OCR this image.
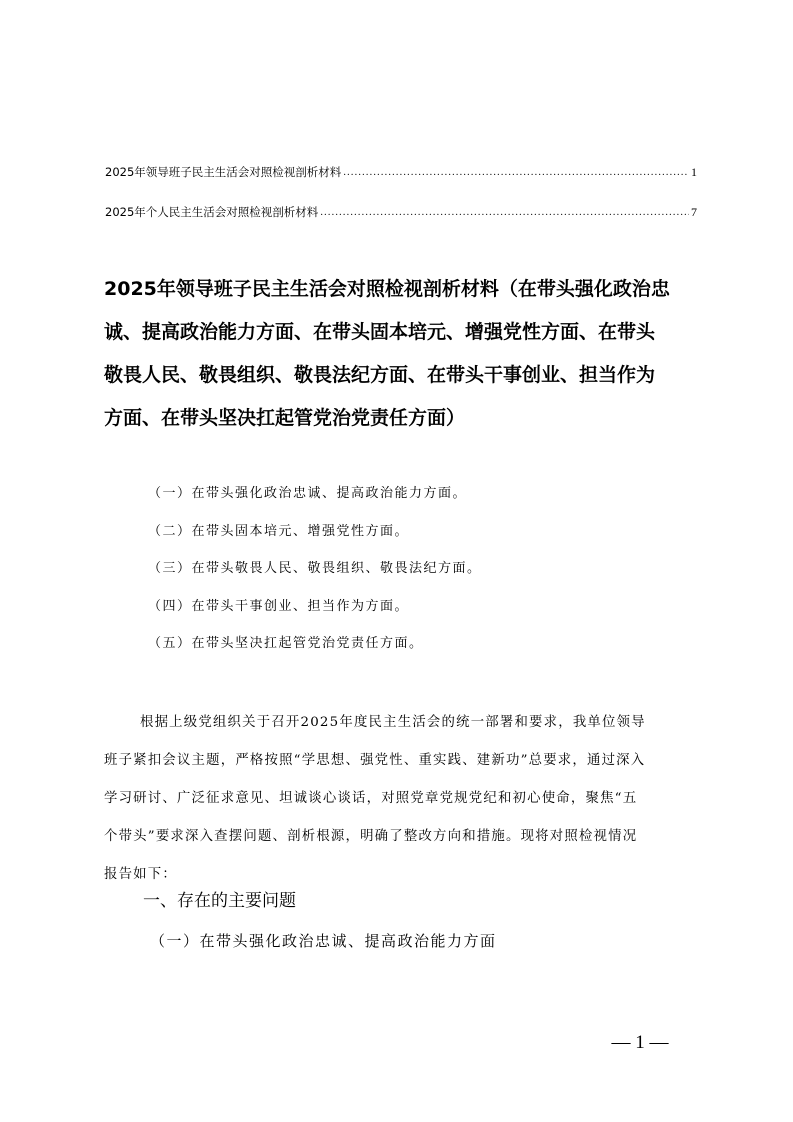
2025年领导班子民主生活会对照检视剖析材料 .....	1
2025年个人民主生活会对照检视剖析材料 .....	7
2025年领导班子民主生活会对照检视剖析材料（在带头强化政治忠
诚、提高政治能力方面、在带头固本培元、增强党性方面、在带头
敬畏人民、敬畏组织、敬畏法纪方面、在带头干事创业、担当作为
方面、在带头坚决扛起管党治党责任方面）
（一）在带头强化政治忠诚、提高政治能力方面。
（二）在带头固本培元、增强党性方面。
（三）在带头敬畏人民、敬畏组织、敬畏法纪方面。
（四）在带头干事创业、担当作为方面。
（五）在带头坚决扛起管党治党责任方面。

根据上级党组织关于召开2025年度民主生活会的统一部署和要求，我单位领导
班子紧扣会议主题，严格按照“学思想、强党性、重实践、建新功”总要求，通过深入
学习研讨、广泛征求意见、坦诚谈心谈话，对照党章党规党纪和初心使命，聚焦“五
个带头”要求深入查摆问题、剖析根源，明确了整改方向和措施。现将对照检视情况
报告如下：

一、存在的主要问题
（一）在带头强化政治忠诚、提高政治能力方面
— 1 —
